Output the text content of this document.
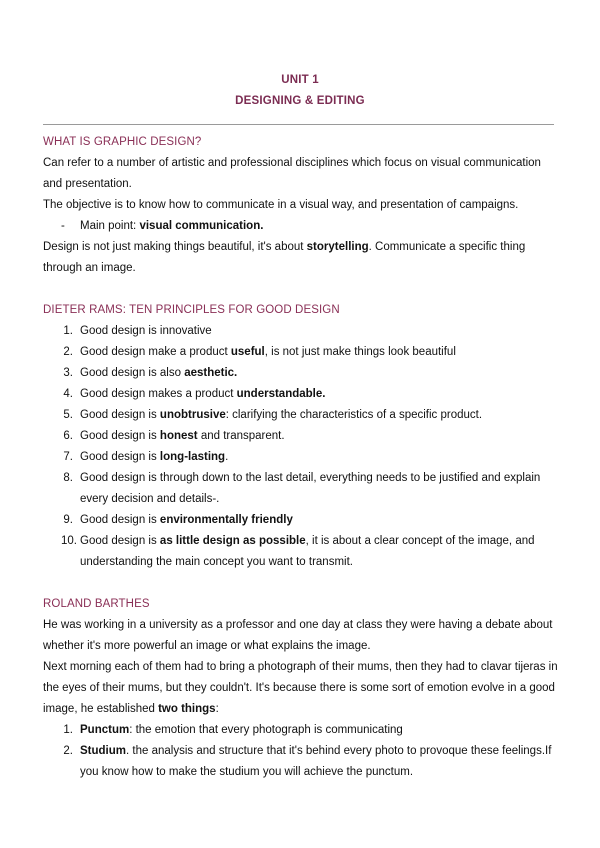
UNIT 1
DESIGNING & EDITING
WHAT IS GRAPHIC DESIGN?

Can refer to a number of artistic and professional disciplines which focus on visual communication and presentation.

The objective is to know how to communicate in a visual way, and presentation of campaigns.

- Main point: visual communication.

Design is not just making things beautiful, it's about storytelling. Communicate a specific thing through an image.

DIETER RAMS: TEN PRINCIPLES FOR GOOD DESIGN
1. Good design is innovative
2. Good design make a product useful, is not just make things look beautiful
3. Good design is also aesthetic.
4. Good design makes a product understandable.
5. Good design is unobtrusive: clarifying the characteristics of a specific product.
6. Good design is honest and transparent.
7. Good design is long-lasting.
8. Good design is through down to the last detail, everything needs to be justified and explain every decision and details-.
9. Good design is environmentally friendly
10. Good design is as little design as possible, it is about a clear concept of the image, and understanding the main concept you want to transmit.
ROLAND BARTHES

He was working in a university as a professor and one day at class they were having a debate about whether it's more powerful an image or what explains the image.

Next morning each of them had to bring a photograph of their mums, then they had to clavar tijeras in the eyes of their mums, but they couldn't. It's because there is some sort of emotion evolve in a good image, he established two things:

1. Punctum: the emotion that every photograph is communicating
2. Studium. the analysis and structure that it's behind every photo to provoque these feelings.If you know how to make the studium you will achieve the punctum.
